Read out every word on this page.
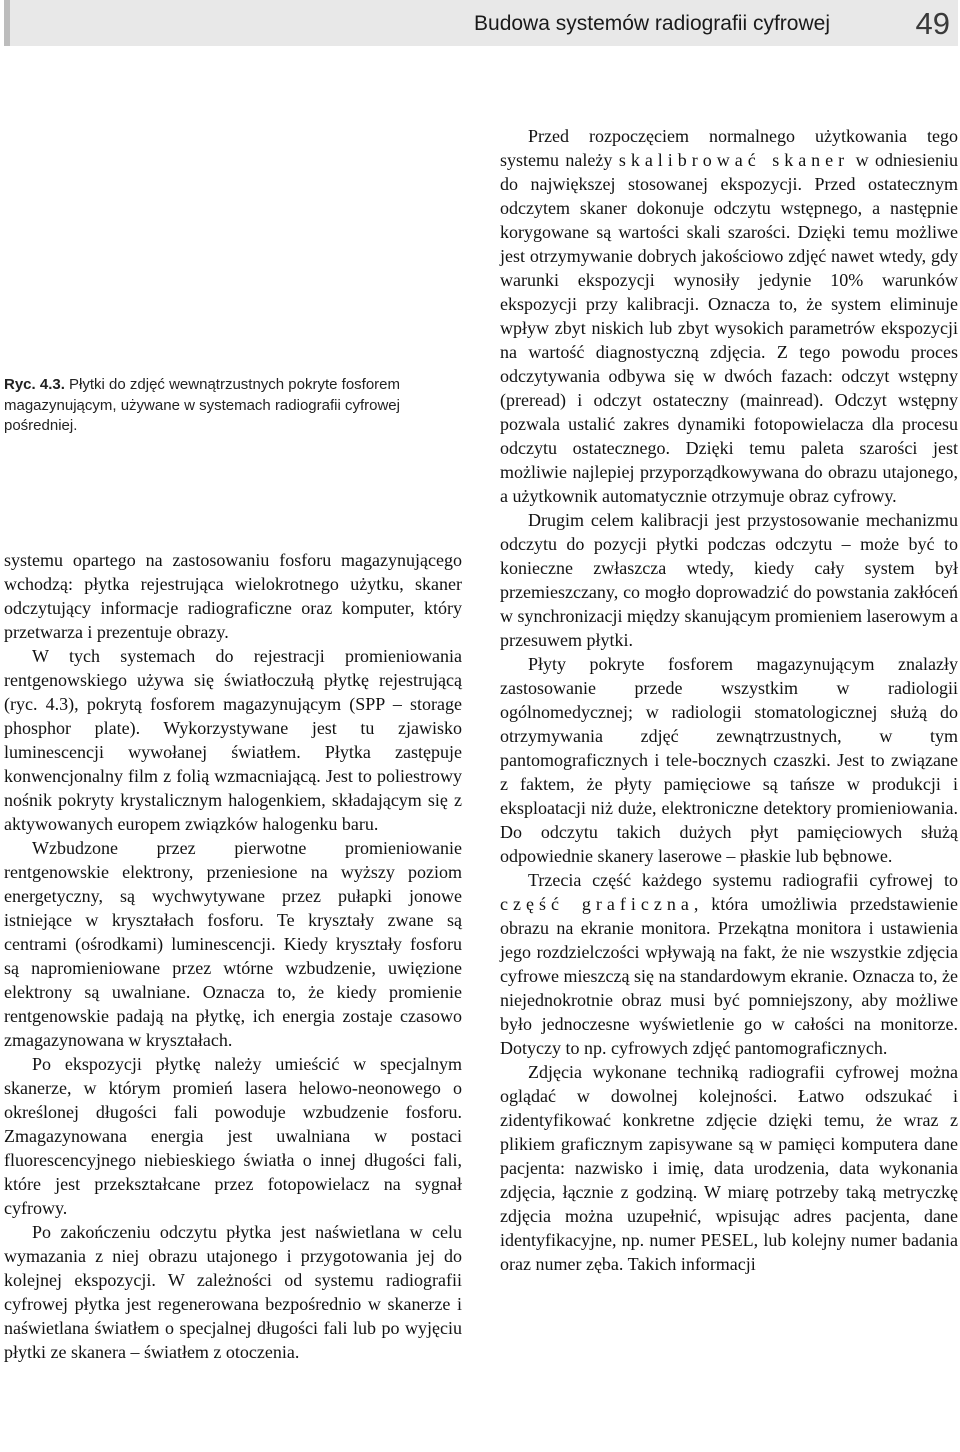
Budowa systemów radiografii cyfrowej	49
Ryc. 4.3. Płytki do zdjęć wewnątrzustnych pokryte fosforem magazynującym, używane w systemach radiografii cyfrowej pośredniej.

systemu opartego na zastosowaniu fosforu magazynującego wchodzą: płytka rejestrująca wielokrotnego użytku, skaner odczytujący informacje radiograficzne oraz komputer, który przetwarza i prezentuje obrazy.

W tych systemach do rejestracji promieniowania rentgenowskiego używa się światłoczułą płytkę rejestrującą (ryc. 4.3), pokrytą fosforem magazynującym (SPP – storage phosphor plate). Wykorzystywane jest tu zjawisko luminescencji wywołanej światłem. Płytka zastępuje konwencjonalny film z folią wzmacniającą. Jest to poliestrowy nośnik pokryty krystalicznym halogenkiem, składającym się z aktywowanych europem związków halogenku baru.

Wzbudzone przez pierwotne promieniowanie rentgenowskie elektrony, przeniesione na wyższy poziom energetyczny, są wychwytywane przez pułapki jonowe istniejące w kryształach fosforu. Te kryształy zwane są centrami (ośrodkami) luminescencji. Kiedy kryształy fosforu są napromieniowane przez wtórne wzbudzenie, uwięzione elektrony są uwalniane. Oznacza to, że kiedy promienie rentgenowskie padają na płytkę, ich energia zostaje czasowo zmagazynowana w kryształach.

Po ekspozycji płytkę należy umieścić w specjalnym skanerze, w którym promień lasera helowo-neonowego o określonej długości fali powoduje wzbudzenie fosforu. Zmagazynowana energia jest uwalniana w postaci fluorescencyjnego niebieskiego światła o innej długości fali, które jest przekształcane przez fotopowielacz na sygnał cyfrowy.

Po zakończeniu odczytu płytka jest naświetlana w celu wymazania z niej obrazu utajonego i przygotowania jej do kolejnej ekspozycji. W zależności od systemu radiografii cyfrowej płytka jest regenerowana bezpośrednio w skanerze i naświetlana światłem o specjalnej długości fali lub po wyjęciu płytki ze skanera – światłem z otoczenia.

Przed rozpoczęciem normalnego użytkowania tego systemu należy skalibrować skaner w odniesieniu do największej stosowanej ekspozycji. Przed ostatecznym odczytem skaner dokonuje odczytu wstępnego, a następnie korygowane są wartości skali szarości. Dzięki temu możliwe jest otrzymywanie dobrych jakościowo zdjęć nawet wtedy, gdy warunki ekspozycji wynosiły jedynie 10% warunków ekspozycji przy kalibracji. Oznacza to, że system eliminuje wpływ zbyt niskich lub zbyt wysokich parametrów ekspozycji na wartość diagnostyczną zdjęcia. Z tego powodu proces odczytywania odbywa się w dwóch fazach: odczyt wstępny (preread) i odczyt ostateczny (mainread). Odczyt wstępny pozwala ustalić zakres dynamiki fotopowielacza dla procesu odczytu ostatecznego. Dzięki temu paleta szarości jest możliwie najlepiej przyporządkowywana do obrazu utajonego, a użytkownik automatycznie otrzymuje obraz cyfrowy.

Drugim celem kalibracji jest przystosowanie mechanizmu odczytu do pozycji płytki podczas odczytu – może być to konieczne zwłaszcza wtedy, kiedy cały system był przemieszczany, co mogło doprowadzić do powstania zakłóceń w synchronizacji między skanującym promieniem laserowym a przesuwem płytki.

Płyty pokryte fosforem magazynującym znalazły zastosowanie przede wszystkim w radiologii ogólnomedycznej; w radiologii stomatologicznej służą do otrzymywania zdjęć zewnątrzustnych, w tym pantomograficznych i tele-bocznych czaszki. Jest to związane z faktem, że płyty pamięciowe są tańsze w produkcji i eksploatacji niż duże, elektroniczne detektory promieniowania. Do odczytu takich dużych płyt pamięciowych służą odpowiednie skanery laserowe – płaskie lub bębnowe.

Trzecia część każdego systemu radiografii cyfrowej to część graficzna, która umożliwia przedstawienie obrazu na ekranie monitora. Przekątna monitora i ustawienia jego rozdzielczości wpływają na fakt, że nie wszystkie zdjęcia cyfrowe mieszczą się na standardowym ekranie. Oznacza to, że niejednokrotnie obraz musi być pomniejszony, aby możliwe było jednoczesne wyświetlenie go w całości na monitorze. Dotyczy to np. cyfrowych zdjęć pantomograficznych.

Zdjęcia wykonane techniką radiografii cyfrowej można oglądać w dowolnej kolejności. Łatwo odszukać i zidentyfikować konkretne zdjęcie dzięki temu, że wraz z plikiem graficznym zapisywane są w pamięci komputera dane pacjenta: nazwisko i imię, data urodzenia, data wykonania zdjęcia, łącznie z godziną. W miarę potrzeby taką metryczkę zdjęcia można uzupełnić, wpisując adres pacjenta, dane identyfikacyjne, np. numer PESEL, lub kolejny numer badania oraz numer zęba. Takich informacji
